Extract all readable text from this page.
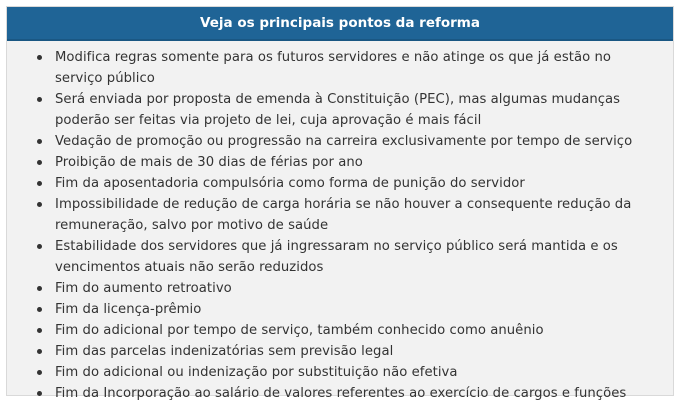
Veja os principais pontos da reforma
Modifica regras somente para os futuros servidores e não atinge os que já estão no serviço público
Será enviada por proposta de emenda à Constituição (PEC), mas algumas mudanças poderão ser feitas via projeto de lei, cuja aprovação é mais fácil
Vedação de promoção ou progressão na carreira exclusivamente por tempo de serviço
Proibição de mais de 30 dias de férias por ano
Fim da aposentadoria compulsória como forma de punição do servidor
Impossibilidade de redução de carga horária se não houver a consequente redução da remuneração, salvo por motivo de saúde
Estabilidade dos servidores que já ingressaram no serviço público será mantida e os vencimentos atuais não serão reduzidos
Fim do aumento retroativo
Fim da licença-prêmio
Fim do adicional por tempo de serviço, também conhecido como anuênio
Fim das parcelas indenizatórias sem previsão legal
Fim do adicional ou indenização por substituição não efetiva
Fim da Incorporação ao salário de valores referentes ao exercício de cargos e funções
